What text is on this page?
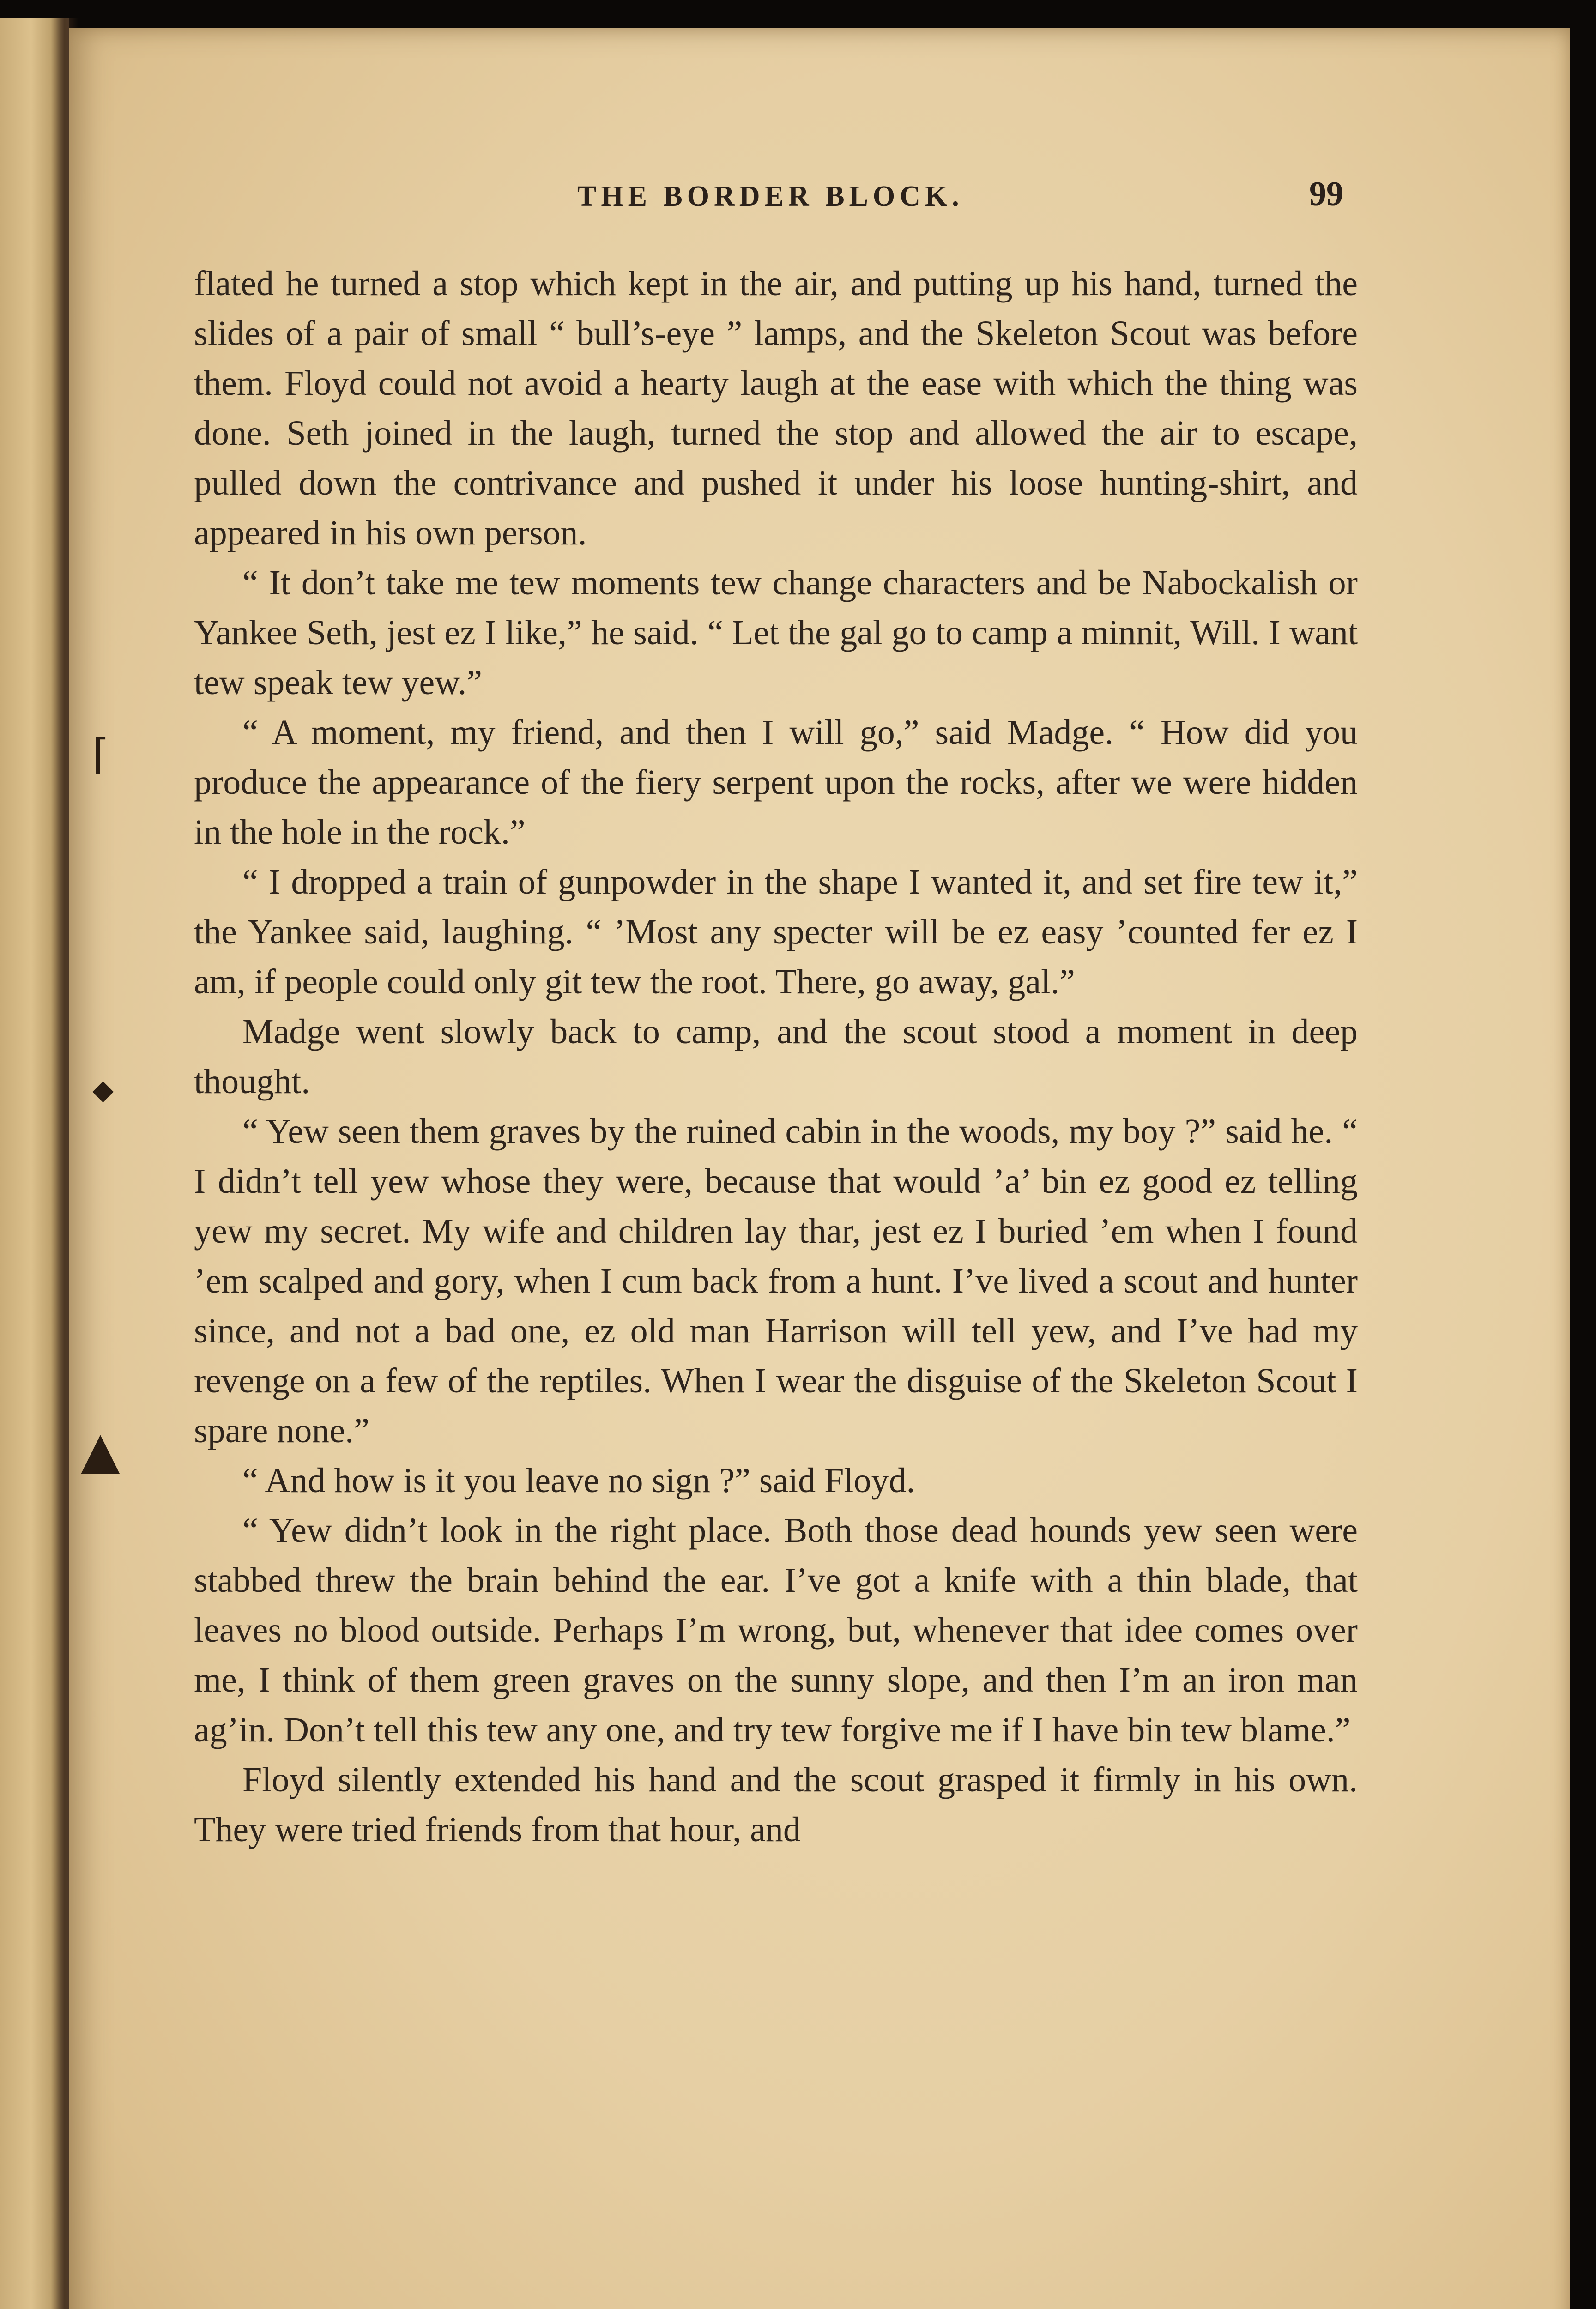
⌈
◆
▲
THE BORDER BLOCK.	99

flated he turned a stop which kept in the air, and putting up his hand, turned the slides of a pair of small “ bull’s-eye ” lamps, and the Skeleton Scout was before them. Floyd could not avoid a hearty laugh at the ease with which the thing was done. Seth joined in the laugh, turned the stop and allowed the air to escape, pulled down the contrivance and pushed it under his loose hunting-shirt, and appeared in his own person.

“ It don’t take me tew moments tew change characters and be Nabockalish or Yankee Seth, jest ez I like,” he said. “ Let the gal go to camp a minnit, Will. I want tew speak tew yew.”

“ A moment, my friend, and then I will go,” said Madge. “ How did you produce the appearance of the fiery serpent upon the rocks, after we were hidden in the hole in the rock.”

“ I dropped a train of gunpowder in the shape I wanted it, and set fire tew it,” the Yankee said, laughing. “ ’Most any specter will be ez easy ’counted fer ez I am, if people could only git tew the root. There, go away, gal.”

Madge went slowly back to camp, and the scout stood a moment in deep thought.

“ Yew seen them graves by the ruined cabin in the woods, my boy ?” said he. “ I didn’t tell yew whose they were, because that would ’a’ bin ez good ez telling yew my secret. My wife and children lay thar, jest ez I buried ’em when I found ’em scalped and gory, when I cum back from a hunt. I’ve lived a scout and hunter since, and not a bad one, ez old man Harrison will tell yew, and I’ve had my revenge on a few of the reptiles. When I wear the disguise of the Skeleton Scout I spare none.”

“ And how is it you leave no sign ?” said Floyd.

“ Yew didn’t look in the right place. Both those dead hounds yew seen were stabbed threw the brain behind the ear. I’ve got a knife with a thin blade, that leaves no blood outside. Perhaps I’m wrong, but, whenever that idee comes over me, I think of them green graves on the sunny slope, and then I’m an iron man ag’in. Don’t tell this tew any one, and try tew forgive me if I have bin tew blame.”

Floyd silently extended his hand and the scout grasped it firmly in his own. They were tried friends from that hour, and
